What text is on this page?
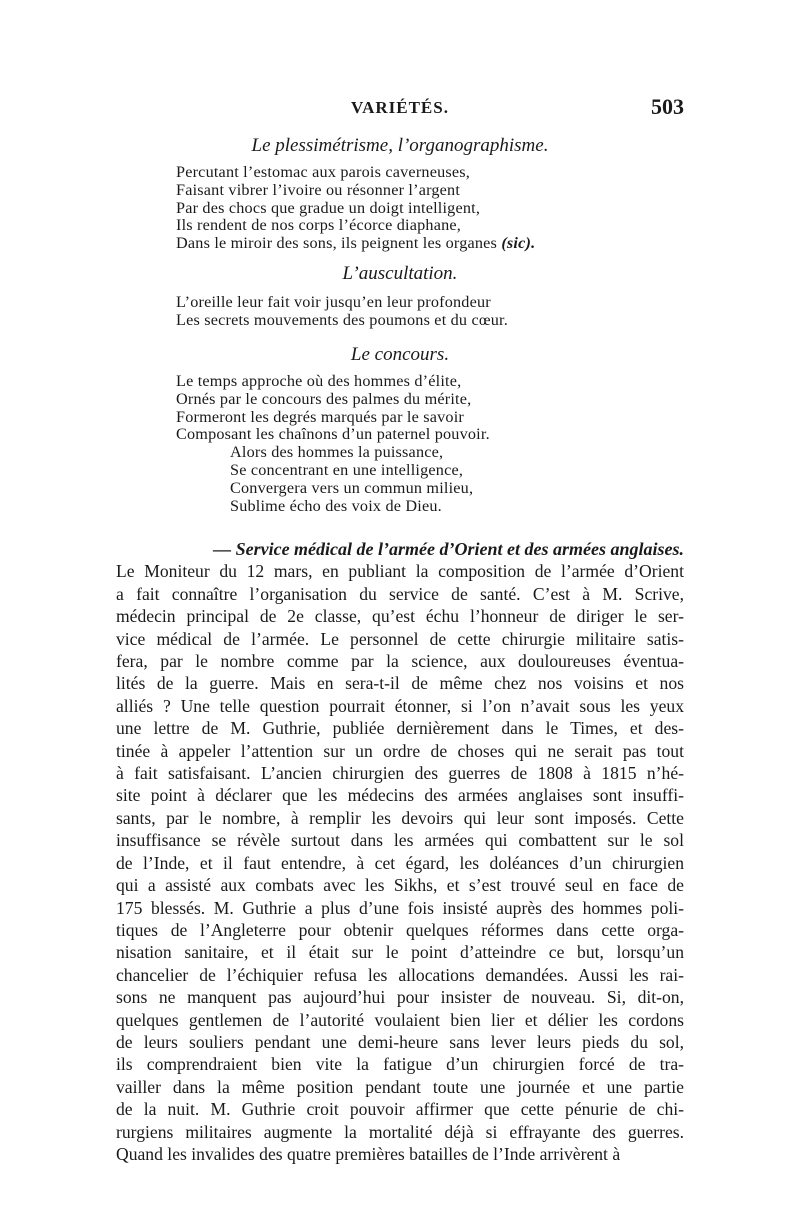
VARIÉTÉS.	503
Le plessimétrisme, l’organographisme.
Percutant l’estomac aux parois caverneuses,
Faisant vibrer l’ivoire ou résonner l’argent
Par des chocs que gradue un doigt intelligent,
Ils rendent de nos corps l’écorce diaphane,
Dans le miroir des sons, ils peignent les organes (sic).
L’auscultation.
L’oreille leur fait voir jusqu’en leur profondeur
Les secrets mouvements des poumons et du cœur.
Le concours.
Le temps approche où des hommes d’élite,
Ornés par le concours des palmes du mérite,
Formeront les degrés marqués par le savoir
Composant les chaînons d’un paternel pouvoir.
Alors des hommes la puissance,
Se concentrant en une intelligence,
Convergera vers un commun milieu,
Sublime écho des voix de Dieu.
— Service médical de l’armée d’Orient et des armées anglaises.
Le Moniteur du 12 mars, en publiant la composition de l’armée d’Orient
a fait connaître l’organisation du service de santé. C’est à M. Scrive,
médecin principal de 2e classe, qu’est échu l’honneur de diriger le ser-
vice médical de l’armée. Le personnel de cette chirurgie militaire satis-
fera, par le nombre comme par la science, aux douloureuses éventua-
lités de la guerre. Mais en sera-t-il de même chez nos voisins et nos
alliés ? Une telle question pourrait étonner, si l’on n’avait sous les yeux
une lettre de M. Guthrie, publiée dernièrement dans le Times, et des-
tinée à appeler l’attention sur un ordre de choses qui ne serait pas tout
à fait satisfaisant. L’ancien chirurgien des guerres de 1808 à 1815 n’hé-
site point à déclarer que les médecins des armées anglaises sont insuffi-
sants, par le nombre, à remplir les devoirs qui leur sont imposés. Cette
insuffisance se révèle surtout dans les armées qui combattent sur le sol
de l’Inde, et il faut entendre, à cet égard, les doléances d’un chirurgien
qui a assisté aux combats avec les Sikhs, et s’est trouvé seul en face de
175 blessés. M. Guthrie a plus d’une fois insisté auprès des hommes poli-
tiques de l’Angleterre pour obtenir quelques réformes dans cette orga-
nisation sanitaire, et il était sur le point d’atteindre ce but, lorsqu’un
chancelier de l’échiquier refusa les allocations demandées. Aussi les rai-
sons ne manquent pas aujourd’hui pour insister de nouveau. Si, dit-on,
quelques gentlemen de l’autorité voulaient bien lier et délier les cordons
de leurs souliers pendant une demi-heure sans lever leurs pieds du sol,
ils comprendraient bien vite la fatigue d’un chirurgien forcé de tra-
vailler dans la même position pendant toute une journée et une partie
de la nuit. M. Guthrie croit pouvoir affirmer que cette pénurie de chi-
rurgiens militaires augmente la mortalité déjà si effrayante des guerres.
Quand les invalides des quatre premières batailles de l’Inde arrivèrent à
